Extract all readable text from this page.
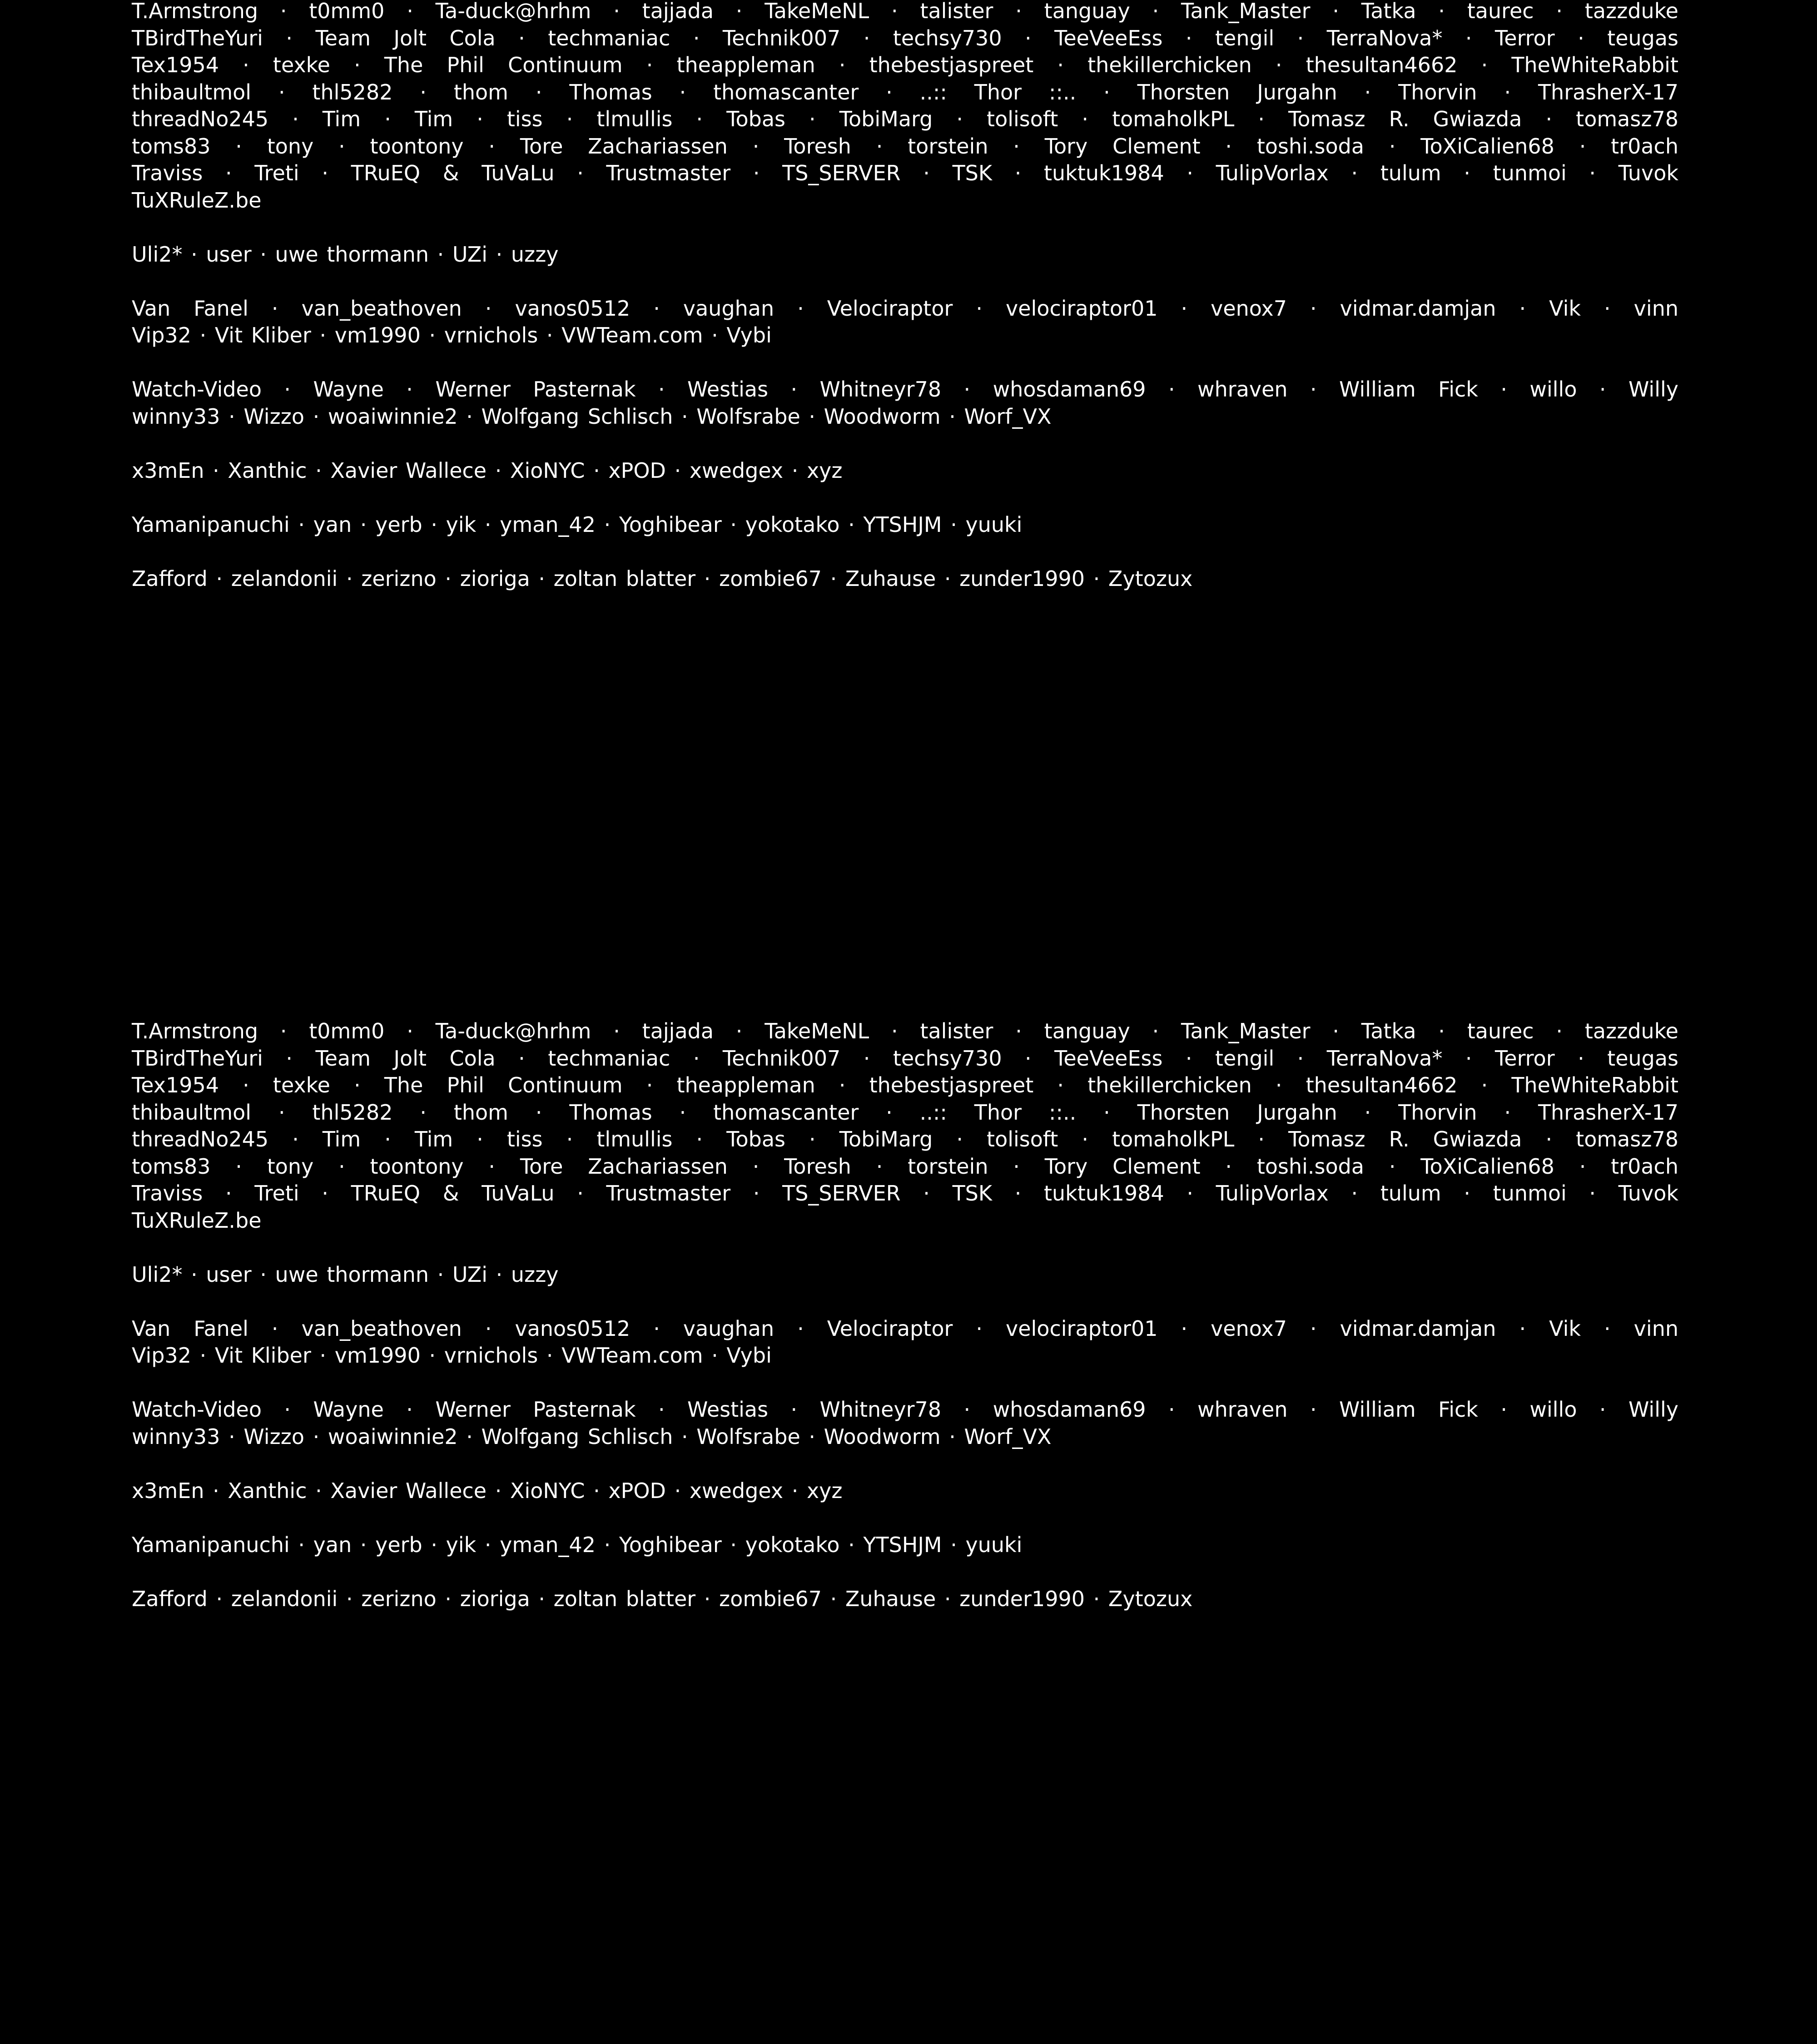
T.Armstrong · t0mm0 · Ta-duck@hrhm · tajjada · TakeMeNL · talister · tanguay · Tank_Master · Tatka · taurec · tazzduke
TBirdTheYuri · Team Jolt Cola · techmaniac · Technik007 · techsy730 · TeeVeeEss · tengil · TerraNova* · Terror · teugas
Tex1954 · texke · The Phil Continuum · theappleman · thebestjaspreet · thekillerchicken · thesultan4662 · TheWhiteRabbit
thibaultmol · thl5282 · thom · Thomas · thomascanter · ..:: Thor ::.. · Thorsten Jurgahn · Thorvin · ThrasherX-17
threadNo245 · Tim · Tim · tiss · tlmullis · Tobas · TobiMarg · tolisoft · tomaholkPL · Tomasz R. Gwiazda · tomasz78
toms83 · tony · toontony · Tore Zachariassen · Toresh · torstein · Tory Clement · toshi.soda · ToXiCalien68 · tr0ach
Traviss · Treti · TRuEQ & TuVaLu · Trustmaster · TS_SERVER · TSK · tuktuk1984 · TulipVorlax · tulum · tunmoi · Tuvok
TuXRuleZ.be
Uli2* · user · uwe thormann · UZi · uzzy
Van Fanel · van_beathoven · vanos0512 · vaughan · Velociraptor · velociraptor01 · venox7 · vidmar.damjan · Vik · vinn
Vip32 · Vit Kliber · vm1990 · vrnichols · VWTeam.com · Vybi
Watch-Video · Wayne · Werner Pasternak · Westias · Whitneyr78 · whosdaman69 · whraven · William Fick · willo · Willy
winny33 · Wizzo · woaiwinnie2 · Wolfgang Schlisch · Wolfsrabe · Woodworm · Worf_VX
x3mEn · Xanthic · Xavier Wallece · XioNYC · xPOD · xwedgex · xyz
Yamanipanuchi · yan · yerb · yik · yman_42 · Yoghibear · yokotako · YTSHJM · yuuki
Zafford · zelandonii · zerizno · zioriga · zoltan blatter · zombie67 · Zuhause · zunder1990 · Zytozux
T.Armstrong · t0mm0 · Ta-duck@hrhm · tajjada · TakeMeNL · talister · tanguay · Tank_Master · Tatka · taurec · tazzduke
TBirdTheYuri · Team Jolt Cola · techmaniac · Technik007 · techsy730 · TeeVeeEss · tengil · TerraNova* · Terror · teugas
Tex1954 · texke · The Phil Continuum · theappleman · thebestjaspreet · thekillerchicken · thesultan4662 · TheWhiteRabbit
thibaultmol · thl5282 · thom · Thomas · thomascanter · ..:: Thor ::.. · Thorsten Jurgahn · Thorvin · ThrasherX-17
threadNo245 · Tim · Tim · tiss · tlmullis · Tobas · TobiMarg · tolisoft · tomaholkPL · Tomasz R. Gwiazda · tomasz78
toms83 · tony · toontony · Tore Zachariassen · Toresh · torstein · Tory Clement · toshi.soda · ToXiCalien68 · tr0ach
Traviss · Treti · TRuEQ & TuVaLu · Trustmaster · TS_SERVER · TSK · tuktuk1984 · TulipVorlax · tulum · tunmoi · Tuvok
TuXRuleZ.be
Uli2* · user · uwe thormann · UZi · uzzy
Van Fanel · van_beathoven · vanos0512 · vaughan · Velociraptor · velociraptor01 · venox7 · vidmar.damjan · Vik · vinn
Vip32 · Vit Kliber · vm1990 · vrnichols · VWTeam.com · Vybi
Watch-Video · Wayne · Werner Pasternak · Westias · Whitneyr78 · whosdaman69 · whraven · William Fick · willo · Willy
winny33 · Wizzo · woaiwinnie2 · Wolfgang Schlisch · Wolfsrabe · Woodworm · Worf_VX
x3mEn · Xanthic · Xavier Wallece · XioNYC · xPOD · xwedgex · xyz
Yamanipanuchi · yan · yerb · yik · yman_42 · Yoghibear · yokotako · YTSHJM · yuuki
Zafford · zelandonii · zerizno · zioriga · zoltan blatter · zombie67 · Zuhause · zunder1990 · Zytozux
